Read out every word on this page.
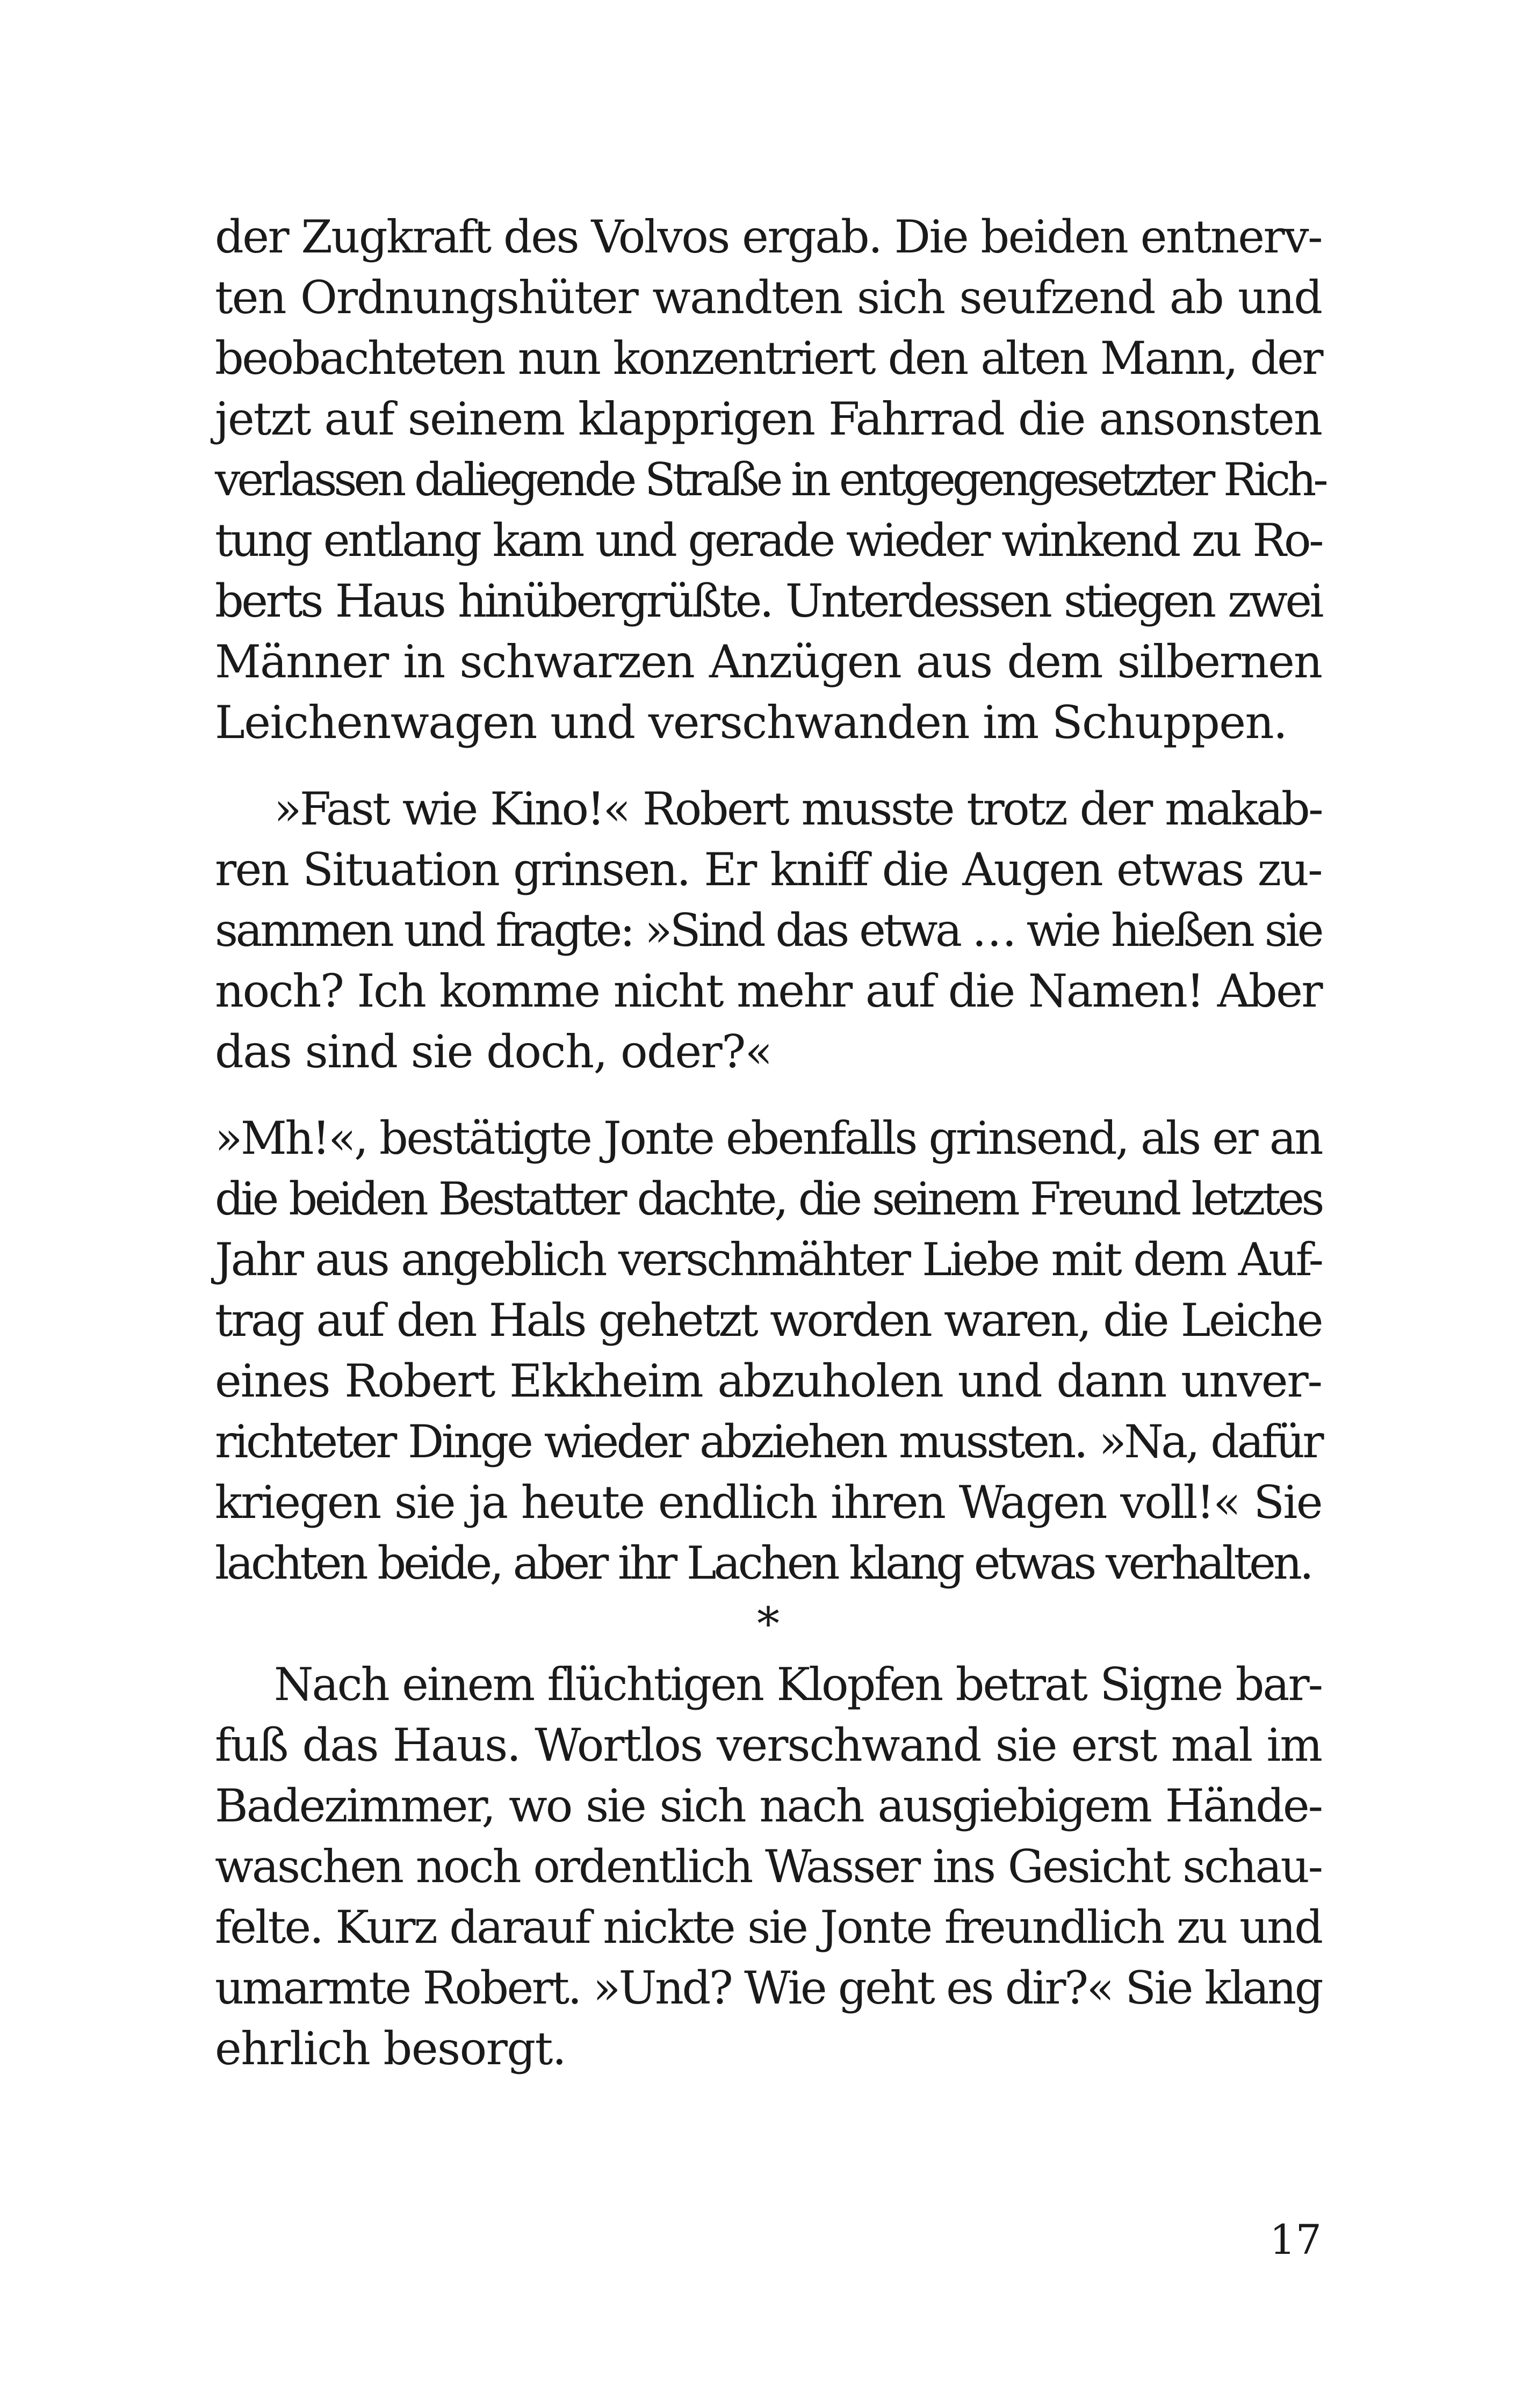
der Zugkraft des Volvos ergab. Die beiden entnerv-
ten Ordnungshüter wandten sich seufzend ab und
beobachteten nun konzentriert den alten Mann, der
jetzt auf seinem klapprigen Fahrrad die ansonsten
verlassen daliegende Straße in entgegengesetzter Rich-
tung entlang kam und gerade wieder winkend zu Ro-
berts Haus hinübergrüßte. Unterdessen stiegen zwei
Männer in schwarzen Anzügen aus dem silbernen
Leichenwagen und verschwanden im Schuppen.
»Fast wie Kino!« Robert musste trotz der makab-
ren Situation grinsen. Er kniff die Augen etwas zu-
sammen und fragte: »Sind das etwa … wie hießen sie
noch? Ich komme nicht mehr auf die Namen! Aber
das sind sie doch, oder?«
»Mh!«, bestätigte Jonte ebenfalls grinsend, als er an
die beiden Bestatter dachte, die seinem Freund letztes
Jahr aus angeblich verschmähter Liebe mit dem Auf-
trag auf den Hals gehetzt worden waren, die Leiche
eines Robert Ekkheim abzuholen und dann unver-
richteter Dinge wieder abziehen mussten. »Na, dafür
kriegen sie ja heute endlich ihren Wagen voll!« Sie
lachten beide, aber ihr Lachen klang etwas verhalten.
*
Nach einem flüchtigen Klopfen betrat Signe bar-
fuß das Haus. Wortlos verschwand sie erst mal im
Badezimmer, wo sie sich nach ausgiebigem Hände-
waschen noch ordentlich Wasser ins Gesicht schau-
felte. Kurz darauf nickte sie Jonte freundlich zu und
umarmte Robert. »Und? Wie geht es dir?« Sie klang
ehrlich besorgt.
17
